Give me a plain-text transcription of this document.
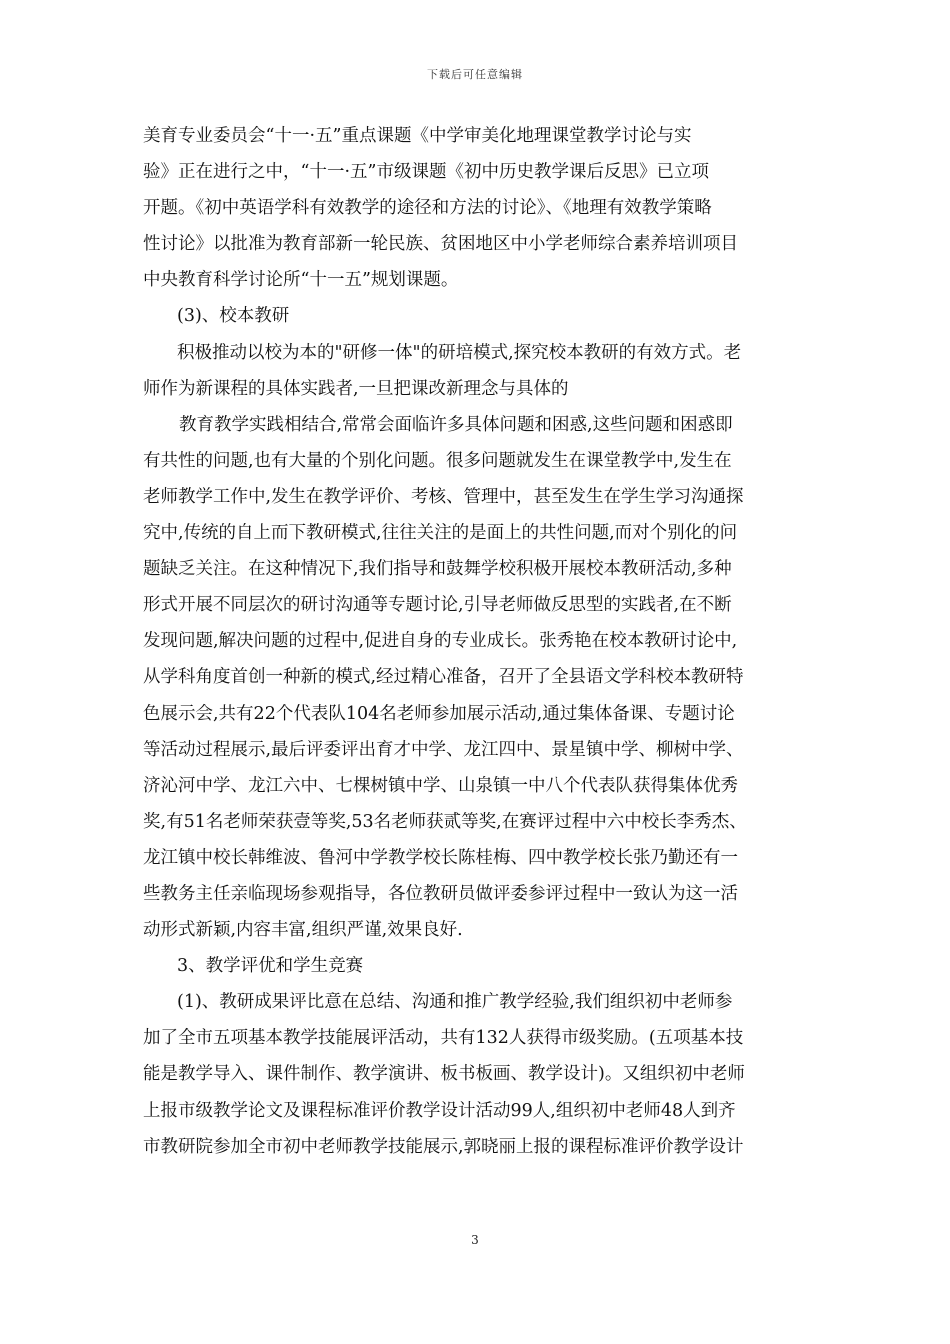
下载后可任意编辑
美育专业委员会“十一·五”重点课题《中学审美化地理课堂教学讨论与实
验》正在进行之中，“十一·五”市级课题《初中历史教学课后反思》已立项
开题。《初中英语学科有效教学的途径和方法的讨论》、《地理有效教学策略
性讨论》以批准为教育部新一轮民族、贫困地区中小学老师综合素养培训项目
中央教育科学讨论所“十一五”规划课题。
(3)、校本教研
积极推动以校为本的"研修一体"的研培模式,探究校本教研的有效方式。老
师作为新课程的具体实践者,一旦把课改新理念与具体的
教育教学实践相结合,常常会面临许多具体问题和困惑,这些问题和困惑即
有共性的问题,也有大量的个别化问题。很多问题就发生在课堂教学中,发生在
老师教学工作中,发生在教学评价、考核、管理中，甚至发生在学生学习沟通探
究中,传统的自上而下教研模式,往往关注的是面上的共性问题,而对个别化的问
题缺乏关注。在这种情况下,我们指导和鼓舞学校积极开展校本教研活动,多种
形式开展不同层次的研讨沟通等专题讨论,引导老师做反思型的实践者,在不断
发现问题,解决问题的过程中,促进自身的专业成长。张秀艳在校本教研讨论中,
从学科角度首创一种新的模式,经过精心准备，召开了全县语文学科校本教研特
色展示会,共有22个代表队104名老师参加展示活动,通过集体备课、专题讨论
等活动过程展示,最后评委评出育才中学、龙江四中、景星镇中学、柳树中学、
济沁河中学、龙江六中、七棵树镇中学、山泉镇一中八个代表队获得集体优秀
奖,有51名老师荣获壹等奖,53名老师获贰等奖,在赛评过程中六中校长李秀杰、
龙江镇中校长韩维波、鲁河中学教学校长陈桂梅、四中教学校长张乃勤还有一
些教务主任亲临现场参观指导，各位教研员做评委参评过程中一致认为这一活
动形式新颖,内容丰富,组织严谨,效果良好.
3、教学评优和学生竞赛
(1)、教研成果评比意在总结、沟通和推广教学经验,我们组织初中老师参
加了全市五项基本教学技能展评活动，共有132人获得市级奖励。(五项基本技
能是教学导入、课件制作、教学演讲、板书板画、教学设计)。又组织初中老师
上报市级教学论文及课程标准评价教学设计活动99人,组织初中老师48人到齐
市教研院参加全市初中老师教学技能展示,郭晓丽上报的课程标准评价教学设计
3
